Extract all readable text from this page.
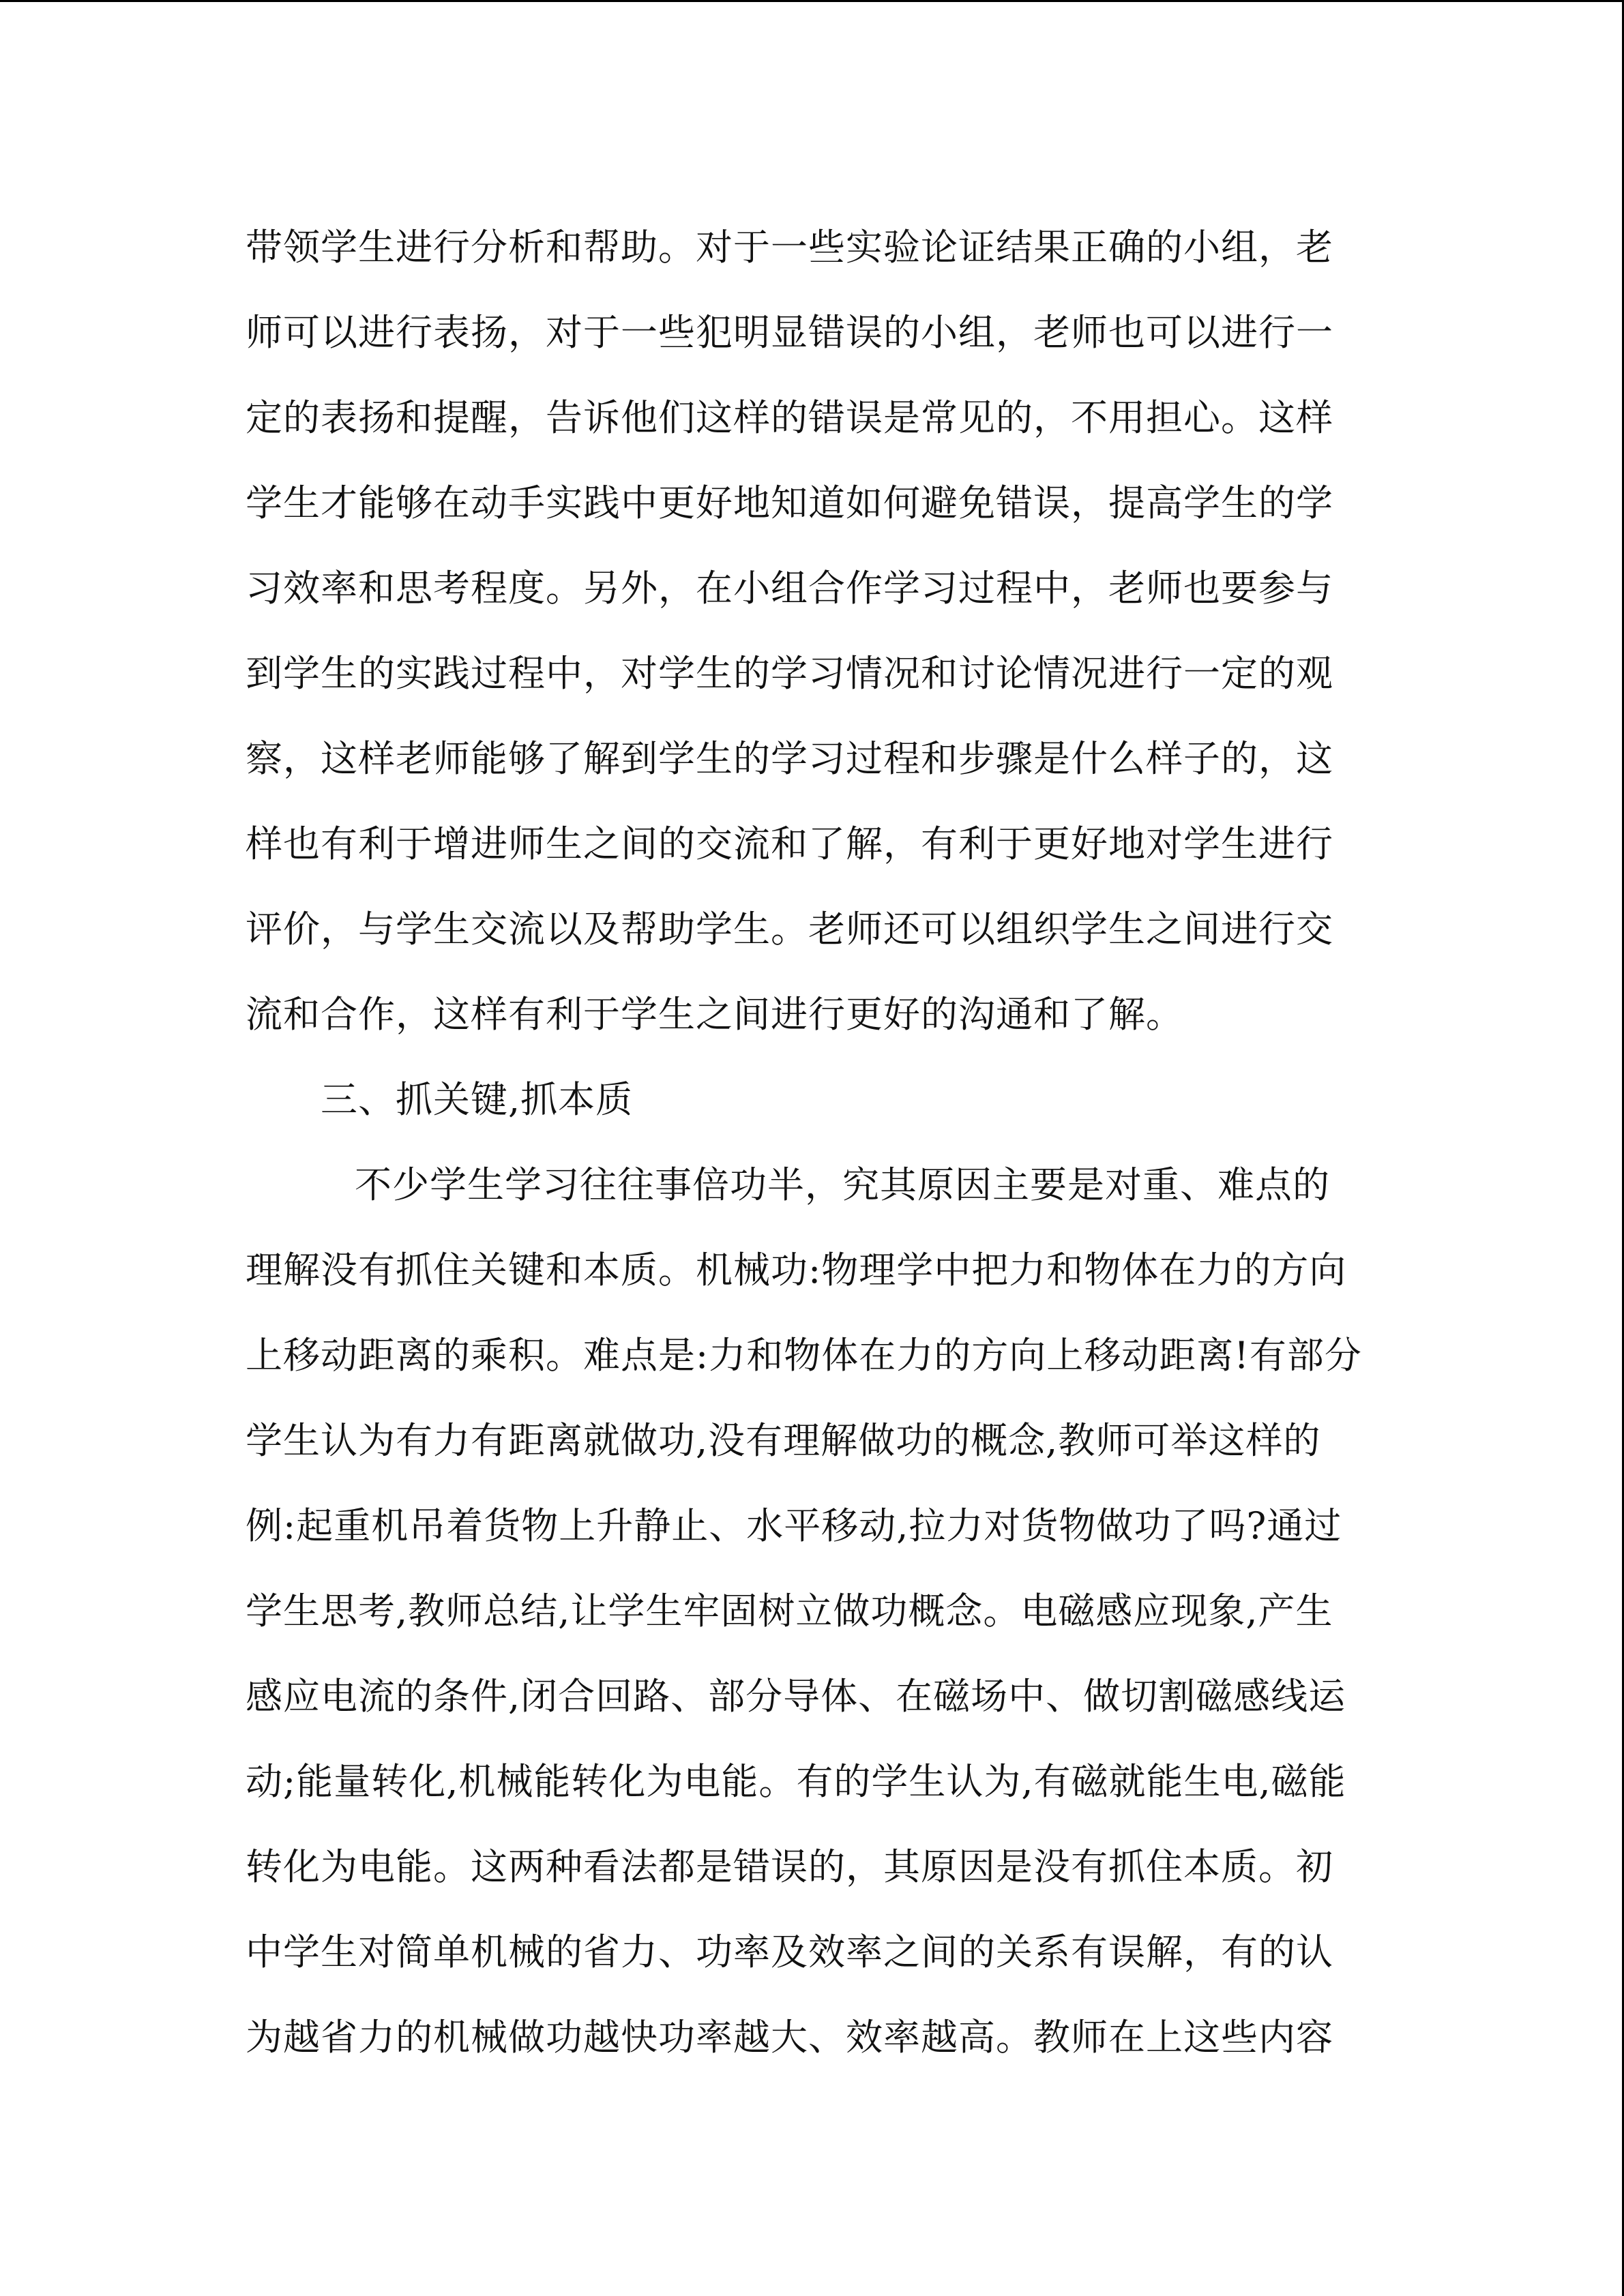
带领学生进行分析和帮助。对于一些实验论证结果正确的小组，老
师可以进行表扬，对于一些犯明显错误的小组，老师也可以进行一
定的表扬和提醒，告诉他们这样的错误是常见的，不用担心。这样
学生才能够在动手实践中更好地知道如何避免错误，提高学生的学
习效率和思考程度。另外，在小组合作学习过程中，老师也要参与
到学生的实践过程中，对学生的学习情况和讨论情况进行一定的观
察，这样老师能够了解到学生的学习过程和步骤是什么样子的，这
样也有利于增进师生之间的交流和了解，有利于更好地对学生进行
评价，与学生交流以及帮助学生。老师还可以组织学生之间进行交
流和合作，这样有利于学生之间进行更好的沟通和了解。
三、抓关键,抓本质
不少学生学习往往事倍功半，究其原因主要是对重、难点的
理解没有抓住关键和本质。机械功:物理学中把力和物体在力的方向
上移动距离的乘积。难点是:力和物体在力的方向上移动距离!有部分
学生认为有力有距离就做功,没有理解做功的概念,教师可举这样的
例:起重机吊着货物上升静止、水平移动,拉力对货物做功了吗?通过
学生思考,教师总结,让学生牢固树立做功概念。电磁感应现象,产生
感应电流的条件,闭合回路、部分导体、在磁场中、做切割磁感线运
动;能量转化,机械能转化为电能。有的学生认为,有磁就能生电,磁能
转化为电能。这两种看法都是错误的，其原因是没有抓住本质。初
中学生对简单机械的省力、功率及效率之间的关系有误解，有的认
为越省力的机械做功越快功率越大、效率越高。教师在上这些内容
